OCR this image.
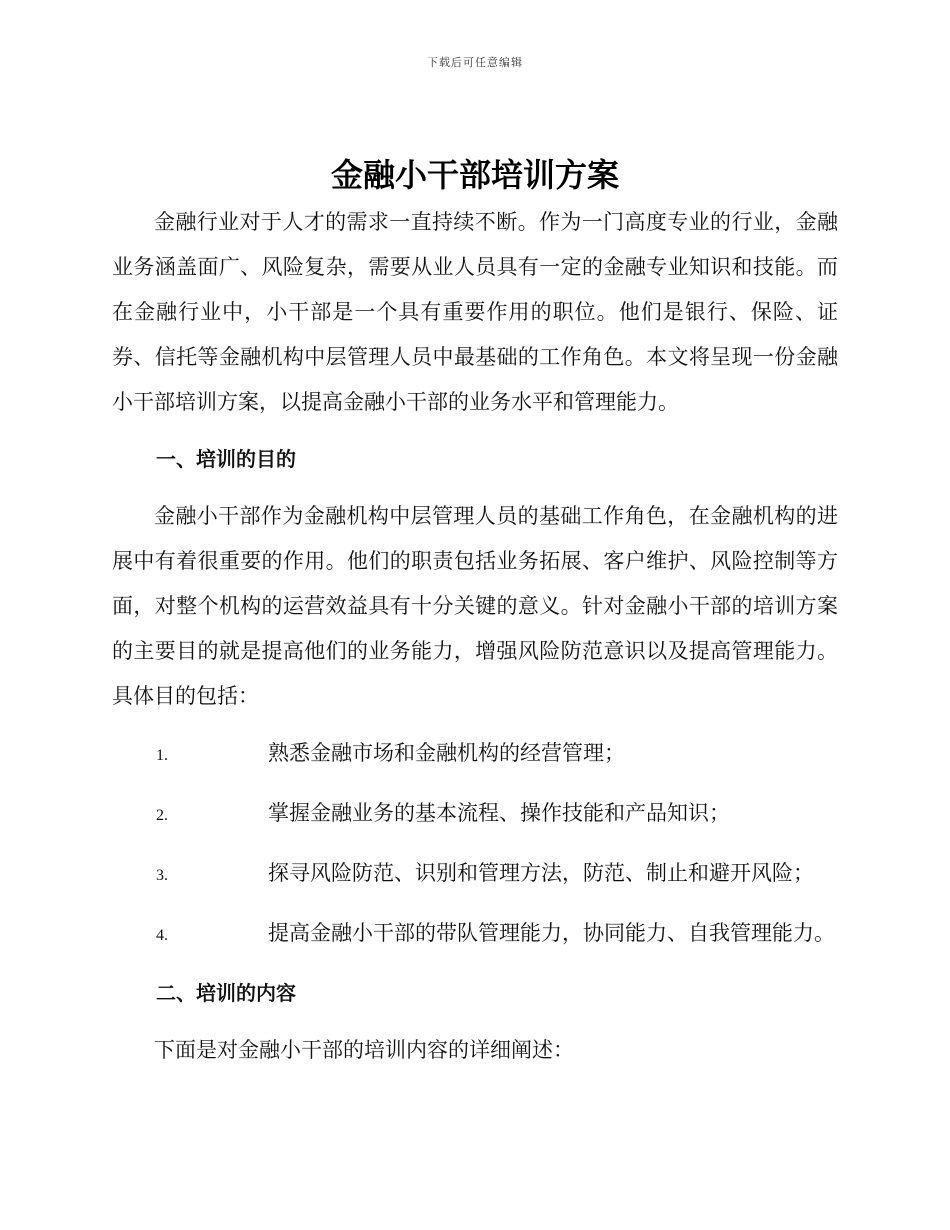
下载后可任意编辑
金融小干部培训方案

金融行业对于人才的需求一直持续不断。作为一门高度专业的行业，金融业务涵盖面广、风险复杂，需要从业人员具有一定的金融专业知识和技能。而在金融行业中，小干部是一个具有重要作用的职位。他们是银行、保险、证券、信托等金融机构中层管理人员中最基础的工作角色。本文将呈现一份金融小干部培训方案，以提高金融小干部的业务水平和管理能力。

一、培训的目的

金融小干部作为金融机构中层管理人员的基础工作角色，在金融机构的进展中有着很重要的作用。他们的职责包括业务拓展、客户维护、风险控制等方面，对整个机构的运营效益具有十分关键的意义。针对金融小干部的培训方案的主要目的就是提高他们的业务能力，增强风险防范意识以及提高管理能力。具体目的包括：

1.	熟悉金融市场和金融机构的经营管理；
2.	掌握金融业务的基本流程、操作技能和产品知识；
3.	探寻风险防范、识别和管理方法，防范、制止和避开风险；
4.	提高金融小干部的带队管理能力，协同能力、自我管理能力。
二、培训的内容

下面是对金融小干部的培训内容的详细阐述：
